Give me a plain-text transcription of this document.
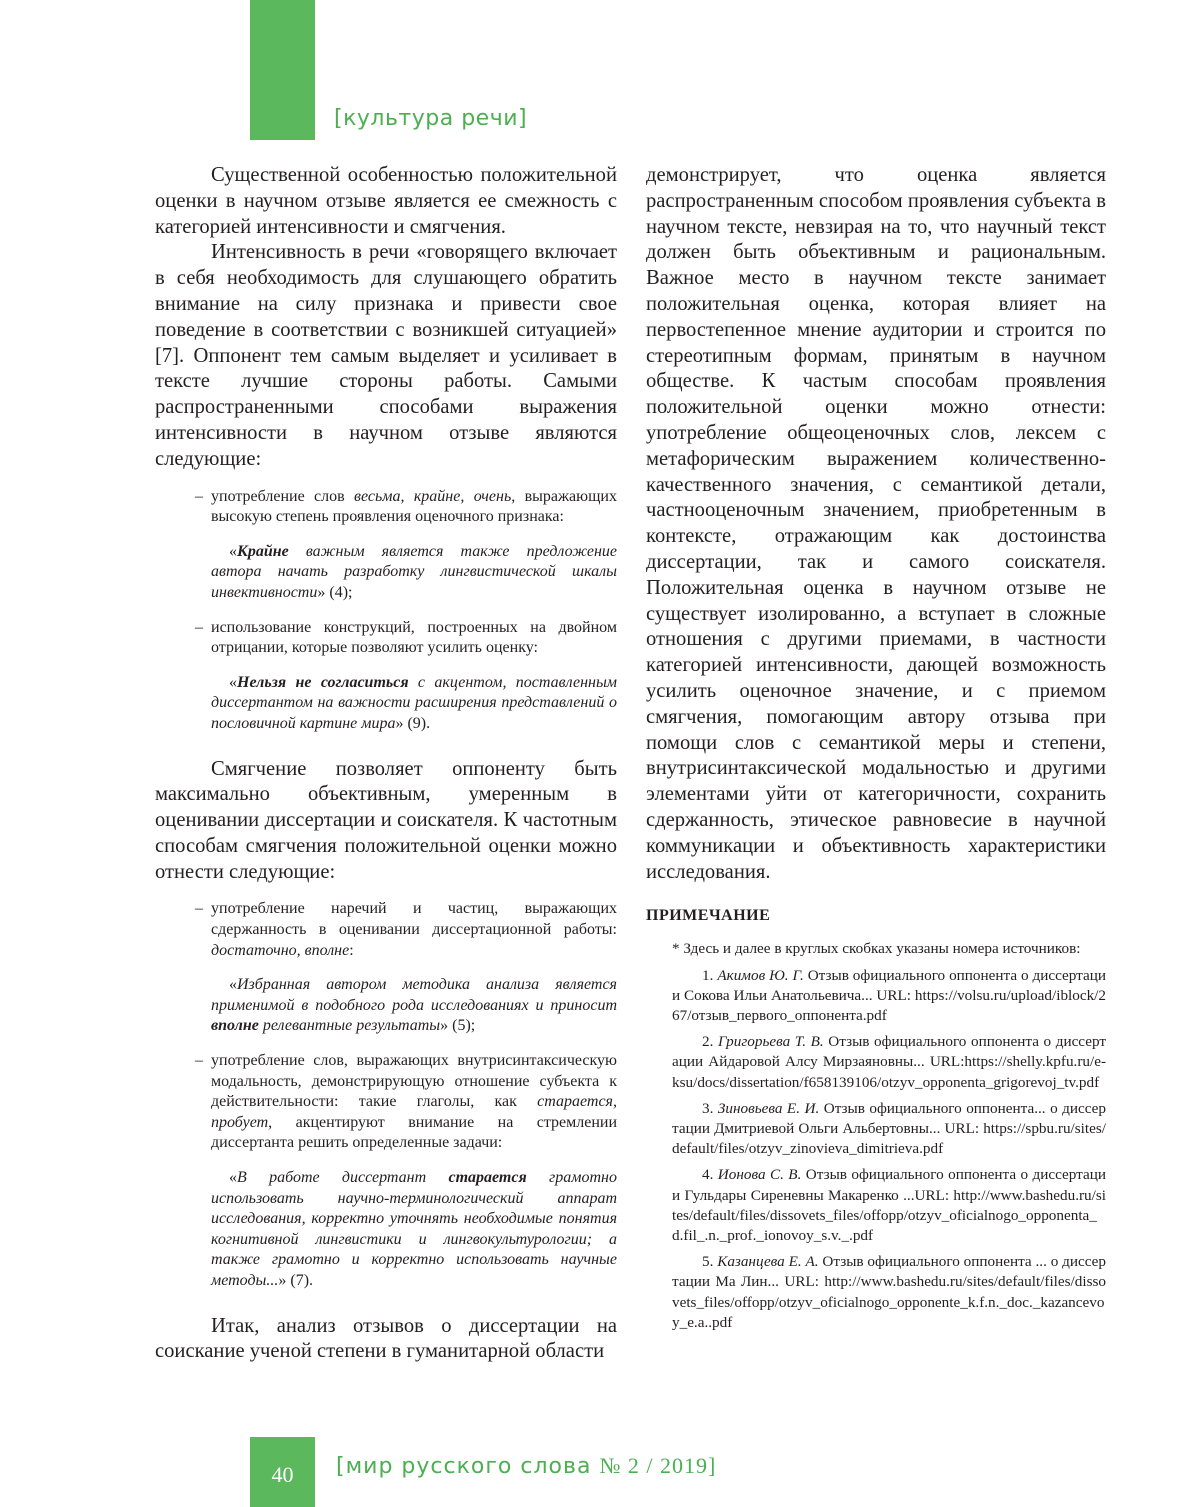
[культура речи]

Существенной особенностью положительной оценки в научном отзыве является ее смежность с категорией интенсивности и смягчения.

Интенсивность в речи «говорящего включает в себя необходимость для слушающего обратить внимание на силу признака и привести свое поведение в соответствии с возникшей ситуацией» [7]. Оппонент тем самым выделяет и усиливает в тексте лучшие стороны работы. Самыми распространенными способами выражения интенсивности в научном отзыве являются следующие:

– употребление слов весьма, крайне, очень, выражающих высокую степень проявления оценочного признака:
«Крайне важным является также предложение автора начать разработку лингвистической шкалы инвективности» (4);
– использование конструкций, построенных на двойном отрицании, которые позволяют усилить оценку:
«Нельзя не согласиться с акцентом, поставленным диссертантом на важности расширения представлений о пословичной картине мира» (9).

Смягчение позволяет оппоненту быть максимально объективным, умеренным в оценивании диссертации и соискателя. К частотным способам смягчения положительной оценки можно отнести следующие:

– употребление наречий и частиц, выражающих сдержанность в оценивании диссертационной работы: достаточно, вполне:
«Избранная автором методика анализа является применимой в подобного рода исследованиях и приносит вполне релевантные результаты» (5);
– употребление слов, выражающих внутрисинтаксическую модальность, демонстрирующую отношение субъекта к действительности: такие глаголы, как старается, пробует, акцентируют внимание на стремлении диссертанта решить определенные задачи:
«В работе диссертант старается грамотно использовать научно-терминологический аппарат исследования, корректно уточнять необходимые понятия когнитивной лингвистики и лингвокультурологии; а также грамотно и корректно использовать научные методы...» (7).

Итак, анализ отзывов о диссертации на соискание ученой степени в гуманитарной области

демонстрирует, что оценка является распространенным способом проявления субъекта в научном тексте, невзирая на то, что научный текст должен быть объективным и рациональным. Важное место в научном тексте занимает положительная оценка, которая влияет на первостепенное мнение аудитории и строится по стереотипным формам, принятым в научном обществе. К частым способам проявления положительной оценки можно отнести: употребление общеоценочных слов, лексем с метафорическим выражением количественно-качественного значения, с семантикой детали, частнооценочным значением, приобретенным в контексте, отражающим как достоинства диссертации, так и самого соискателя. Положительная оценка в научном отзыве не существует изолированно, а вступает в сложные отношения с другими приемами, в частности категорией интенсивности, дающей возможность усилить оценочное значение, и с приемом смягчения, помогающим автору отзыва при помощи слов с семантикой меры и степени, внутрисинтаксической модальностью и другими элементами уйти от категоричности, сохранить сдержанность, этическое равновесие в научной коммуникации и объективность характеристики исследования.

ПРИМЕЧАНИЕ

* Здесь и далее в круглых скобках указаны номера источников:

1. Акимов Ю. Г. Отзыв официального оппонента о диссертации Сокова Ильи Анатольевича... URL: https://volsu.ru/upload/iblock/267/отзыв_первого_оппонента.pdf

2. Григорьева Т. В. Отзыв официального оппонента о диссертации Айдаровой Алсу Мирзаяновны... URL:https://shelly.kpfu.ru/e-ksu/docs/dissertation/f658139106/otzyv_opponenta_grigorevoj_tv.pdf

3. Зиновьева Е. И. Отзыв официального оппонента... о диссертации Дмитриевой Ольги Альбертовны... URL: https://spbu.ru/sites/default/files/otzyv_zinovieva_dimitrieva.pdf

4. Ионова С. В. Отзыв официального оппонента о диссертации Гульдары Сиреневны Макаренко ...URL: http://www.bashedu.ru/sites/default/files/dissovets_files/offopp/otzyv_oficialnogo_opponenta_d.fil_.n._prof._ionovoy_s.v._.pdf

5. Казанцева Е. А. Отзыв официального оппонента ... о диссертации Ма Лин... URL: http://www.bashedu.ru/sites/default/files/dissovets_files/offopp/otzyv_oficialnogo_opponente_k.f.n._doc._kazancevoy_e.a..pdf

40	[мир русского слова № 2 / 2019]
